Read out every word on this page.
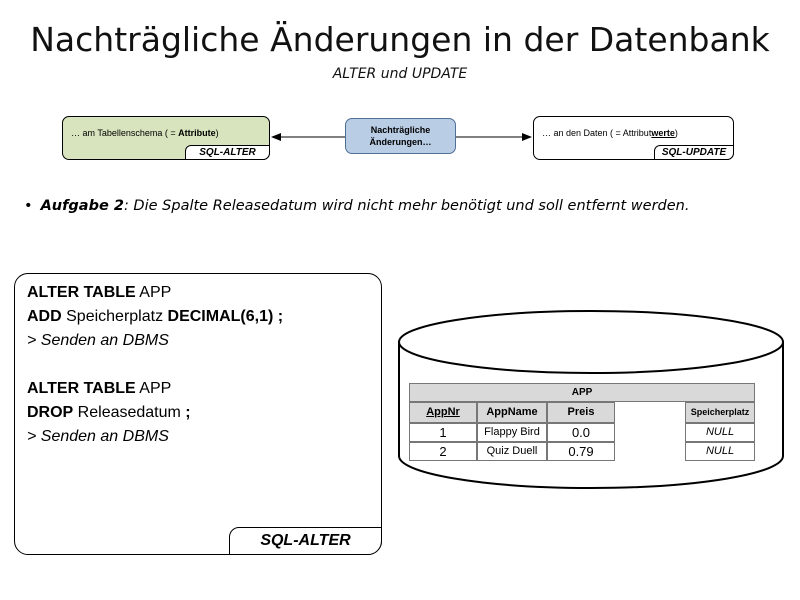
Nachträgliche Änderungen in der Datenbank
ALTER und UPDATE
… am Tabellenschema ( = Attribute)
SQL-ALTER
Nachträgliche
Änderungen…
… an den Daten ( = Attributwerte)
SQL-UPDATE
• Aufgabe 2: Die Spalte Releasedatum wird nicht mehr benötigt und soll entfernt werden.
ALTER TABLE APP
ADD Speicherplatz DECIMAL(6,1) ;
> Senden an DBMS
ALTER TABLE APP
DROP Releasedatum ;
> Senden an DBMS
SQL-ALTER
APP
AppNr	AppName	Preis	Speicherplatz
1	Flappy Bird	0.0	NULL
2	Quiz Duell	0.79	NULL
